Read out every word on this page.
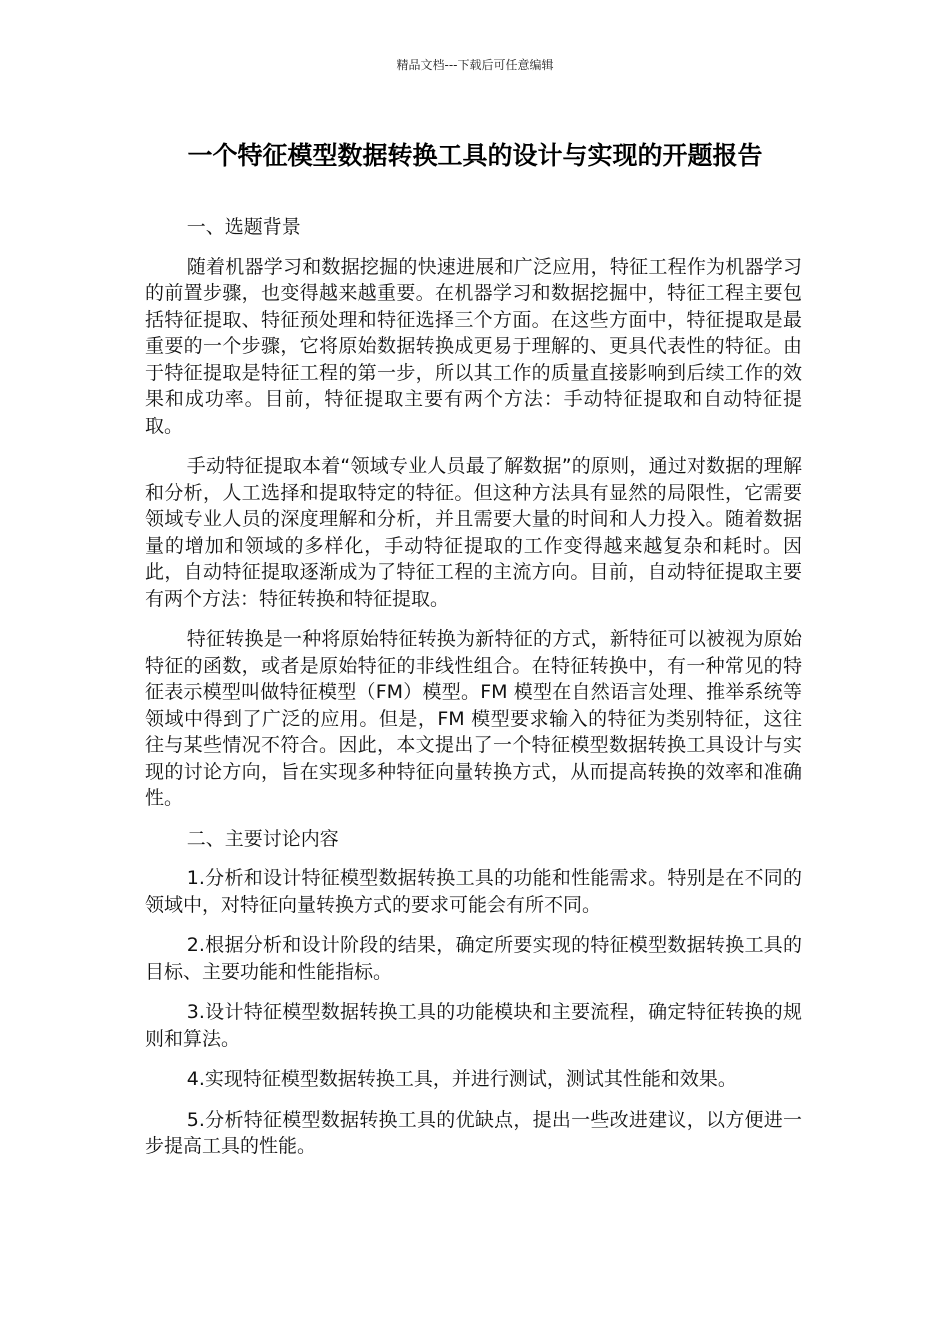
精品文档---下载后可任意编辑
一个特征模型数据转换工具的设计与实现的开题报告

一、选题背景

随着机器学习和数据挖掘的快速进展和广泛应用，特征工程作为机器学习的前置步骤，也变得越来越重要。在机器学习和数据挖掘中，特征工程主要包括特征提取、特征预处理和特征选择三个方面。在这些方面中，特征提取是最重要的一个步骤，它将原始数据转换成更易于理解的、更具代表性的特征。由于特征提取是特征工程的第一步，所以其工作的质量直接影响到后续工作的效果和成功率。目前，特征提取主要有两个方法：手动特征提取和自动特征提取。

手动特征提取本着“领域专业人员最了解数据”的原则，通过对数据的理解和分析，人工选择和提取特定的特征。但这种方法具有显然的局限性，它需要领域专业人员的深度理解和分析，并且需要大量的时间和人力投入。随着数据量的增加和领域的多样化，手动特征提取的工作变得越来越复杂和耗时。因此，自动特征提取逐渐成为了特征工程的主流方向。目前，自动特征提取主要有两个方法：特征转换和特征提取。

特征转换是一种将原始特征转换为新特征的方式，新特征可以被视为原始特征的函数，或者是原始特征的非线性组合。在特征转换中，有一种常见的特征表示模型叫做特征模型（FM）模型。FM 模型在自然语言处理、推举系统等领域中得到了广泛的应用。但是，FM 模型要求输入的特征为类别特征，这往往与某些情况不符合。因此，本文提出了一个特征模型数据转换工具设计与实现的讨论方向，旨在实现多种特征向量转换方式，从而提高转换的效率和准确性。

二、主要讨论内容

1.分析和设计特征模型数据转换工具的功能和性能需求。特别是在不同的领域中，对特征向量转换方式的要求可能会有所不同。

2.根据分析和设计阶段的结果，确定所要实现的特征模型数据转换工具的目标、主要功能和性能指标。

3.设计特征模型数据转换工具的功能模块和主要流程，确定特征转换的规则和算法。

4.实现特征模型数据转换工具，并进行测试，测试其性能和效果。

5.分析特征模型数据转换工具的优缺点，提出一些改进建议，以方便进一步提高工具的性能。
